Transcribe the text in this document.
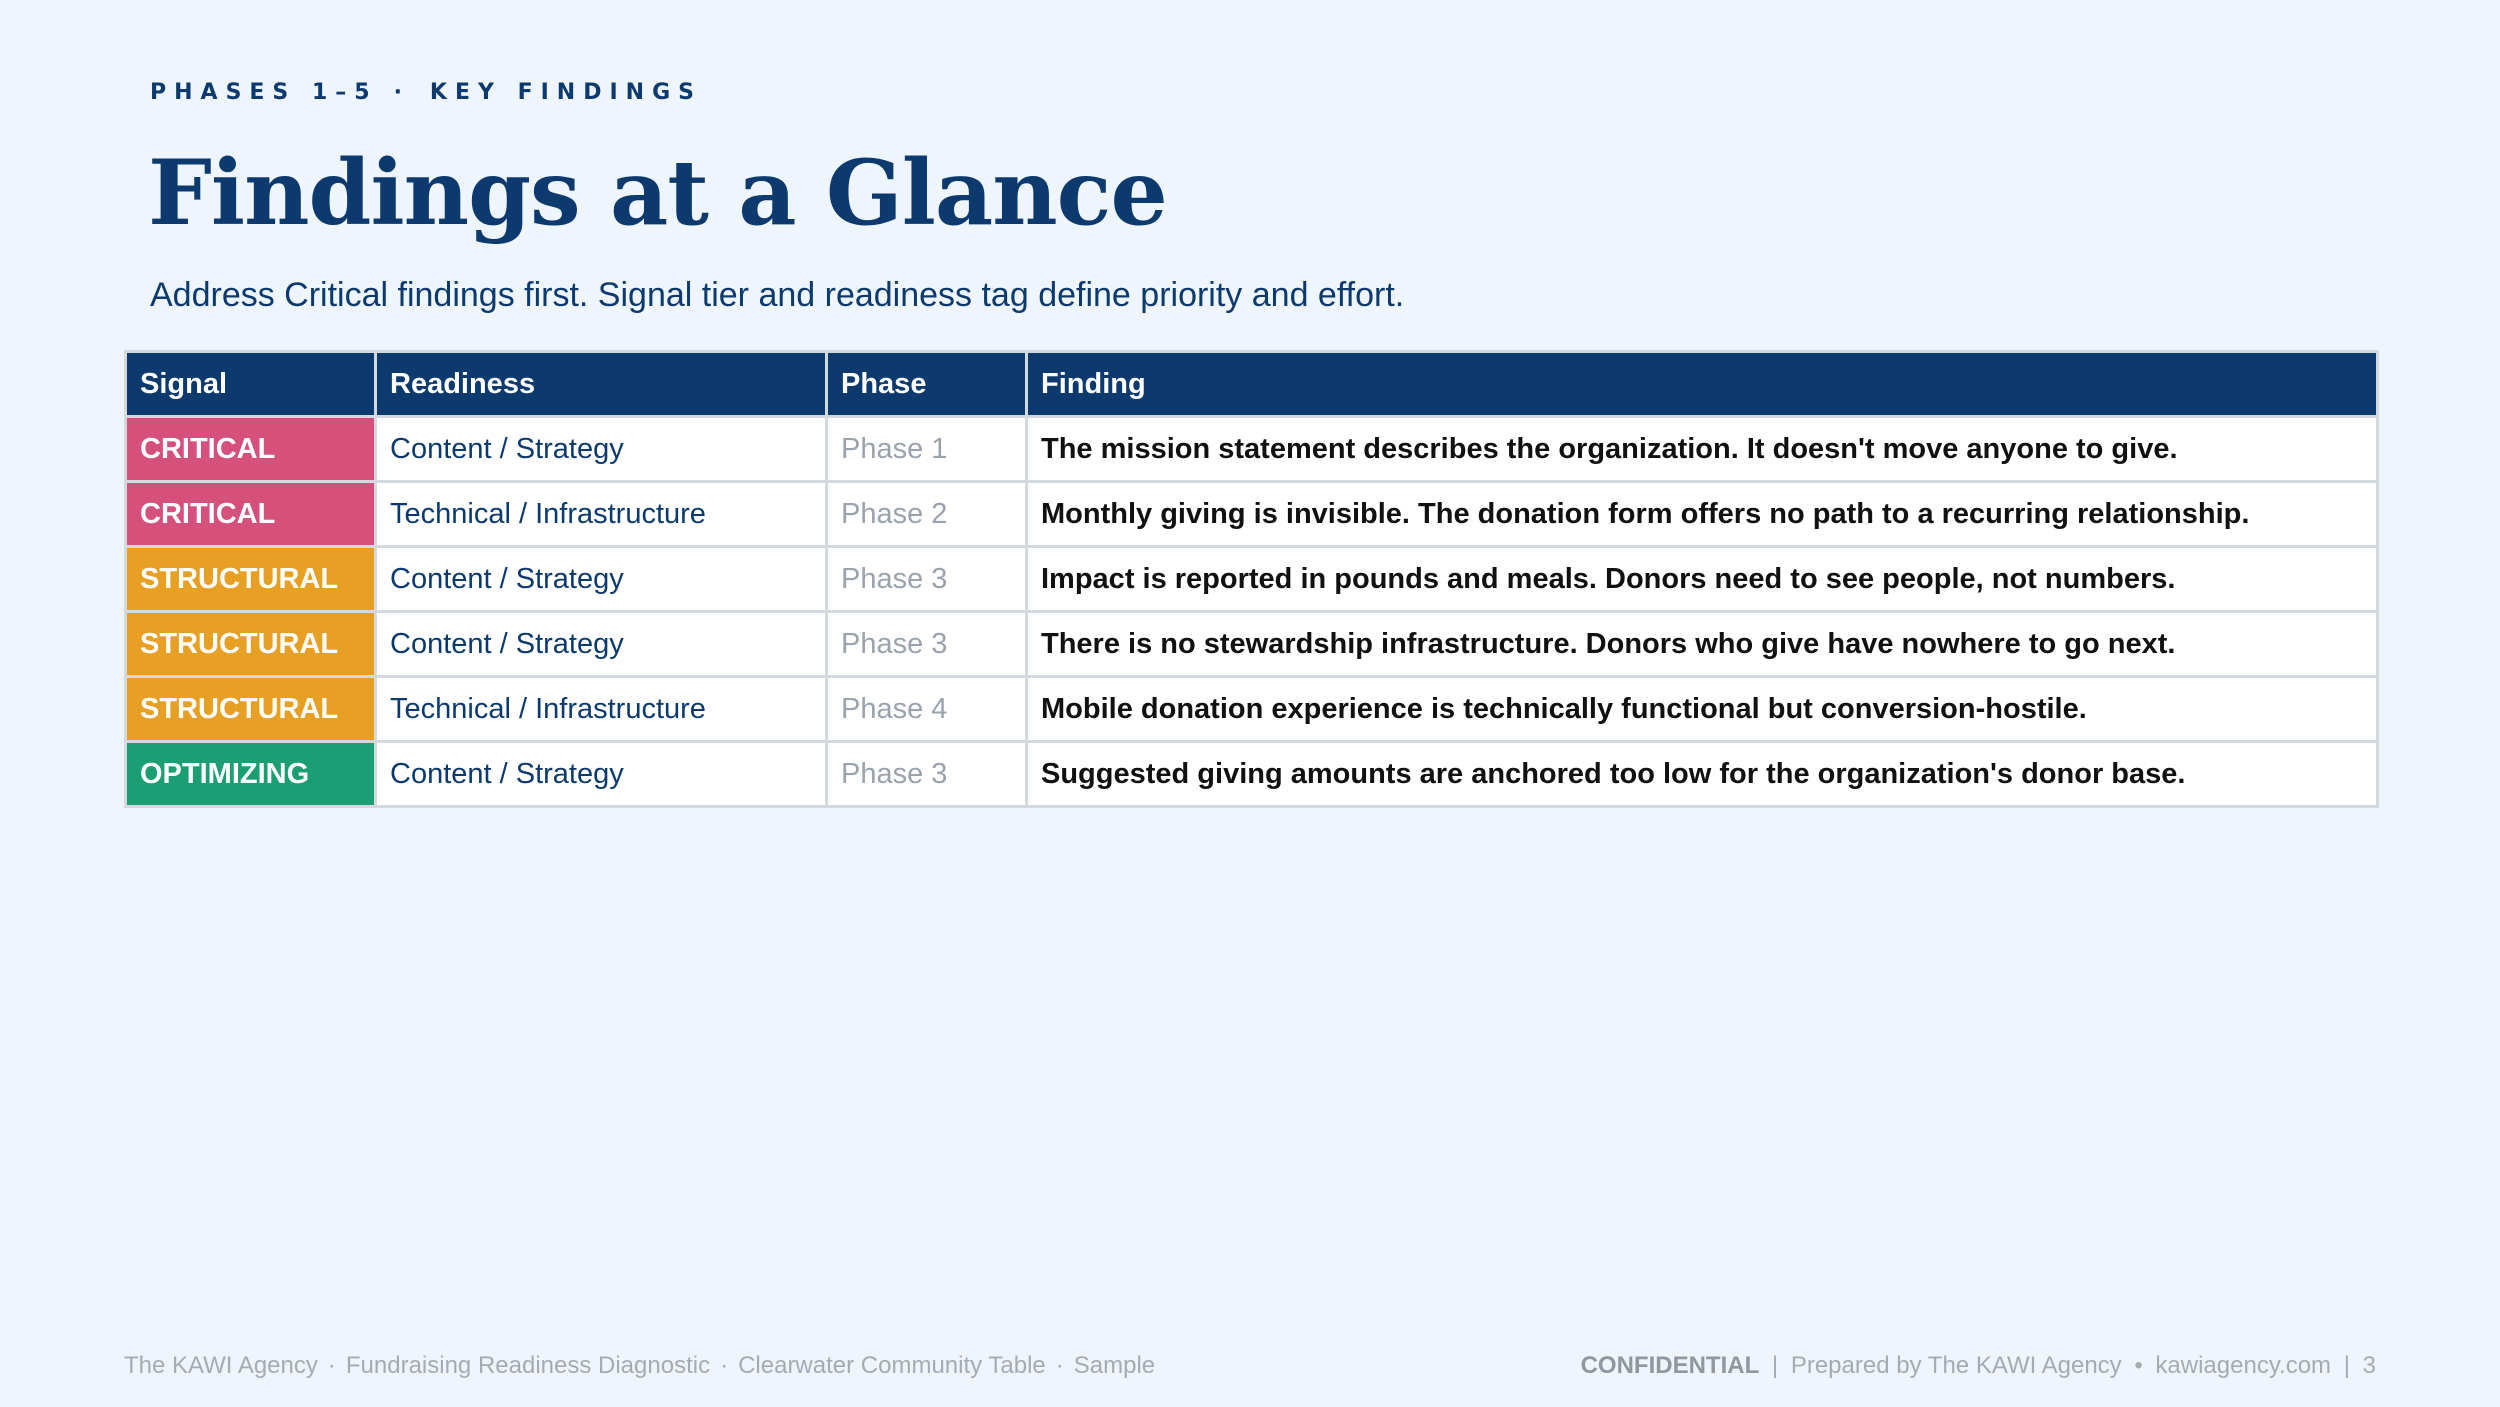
PHASES 1–5 · KEY FINDINGS
Findings at a Glance
Address Critical findings first. Signal tier and readiness tag define priority and effort.
Signal	Readiness	Phase	Finding
CRITICAL	Content / Strategy	Phase 1	The mission statement describes the organization. It doesn't move anyone to give.
CRITICAL	Technical / Infrastructure	Phase 2	Monthly giving is invisible. The donation form offers no path to a recurring relationship.
STRUCTURAL	Content / Strategy	Phase 3	Impact is reported in pounds and meals. Donors need to see people, not numbers.
STRUCTURAL	Content / Strategy	Phase 3	There is no stewardship infrastructure. Donors who give have nowhere to go next.
STRUCTURAL	Technical / Infrastructure	Phase 4	Mobile donation experience is technically functional but conversion-hostile.
OPTIMIZING	Content / Strategy	Phase 3	Suggested giving amounts are anchored too low for the organization's donor base.
The KAWI Agency · Fundraising Readiness Diagnostic · Clearwater Community Table · Sample	CONFIDENTIAL | Prepared by The KAWI Agency • kawiagency.com | 3
